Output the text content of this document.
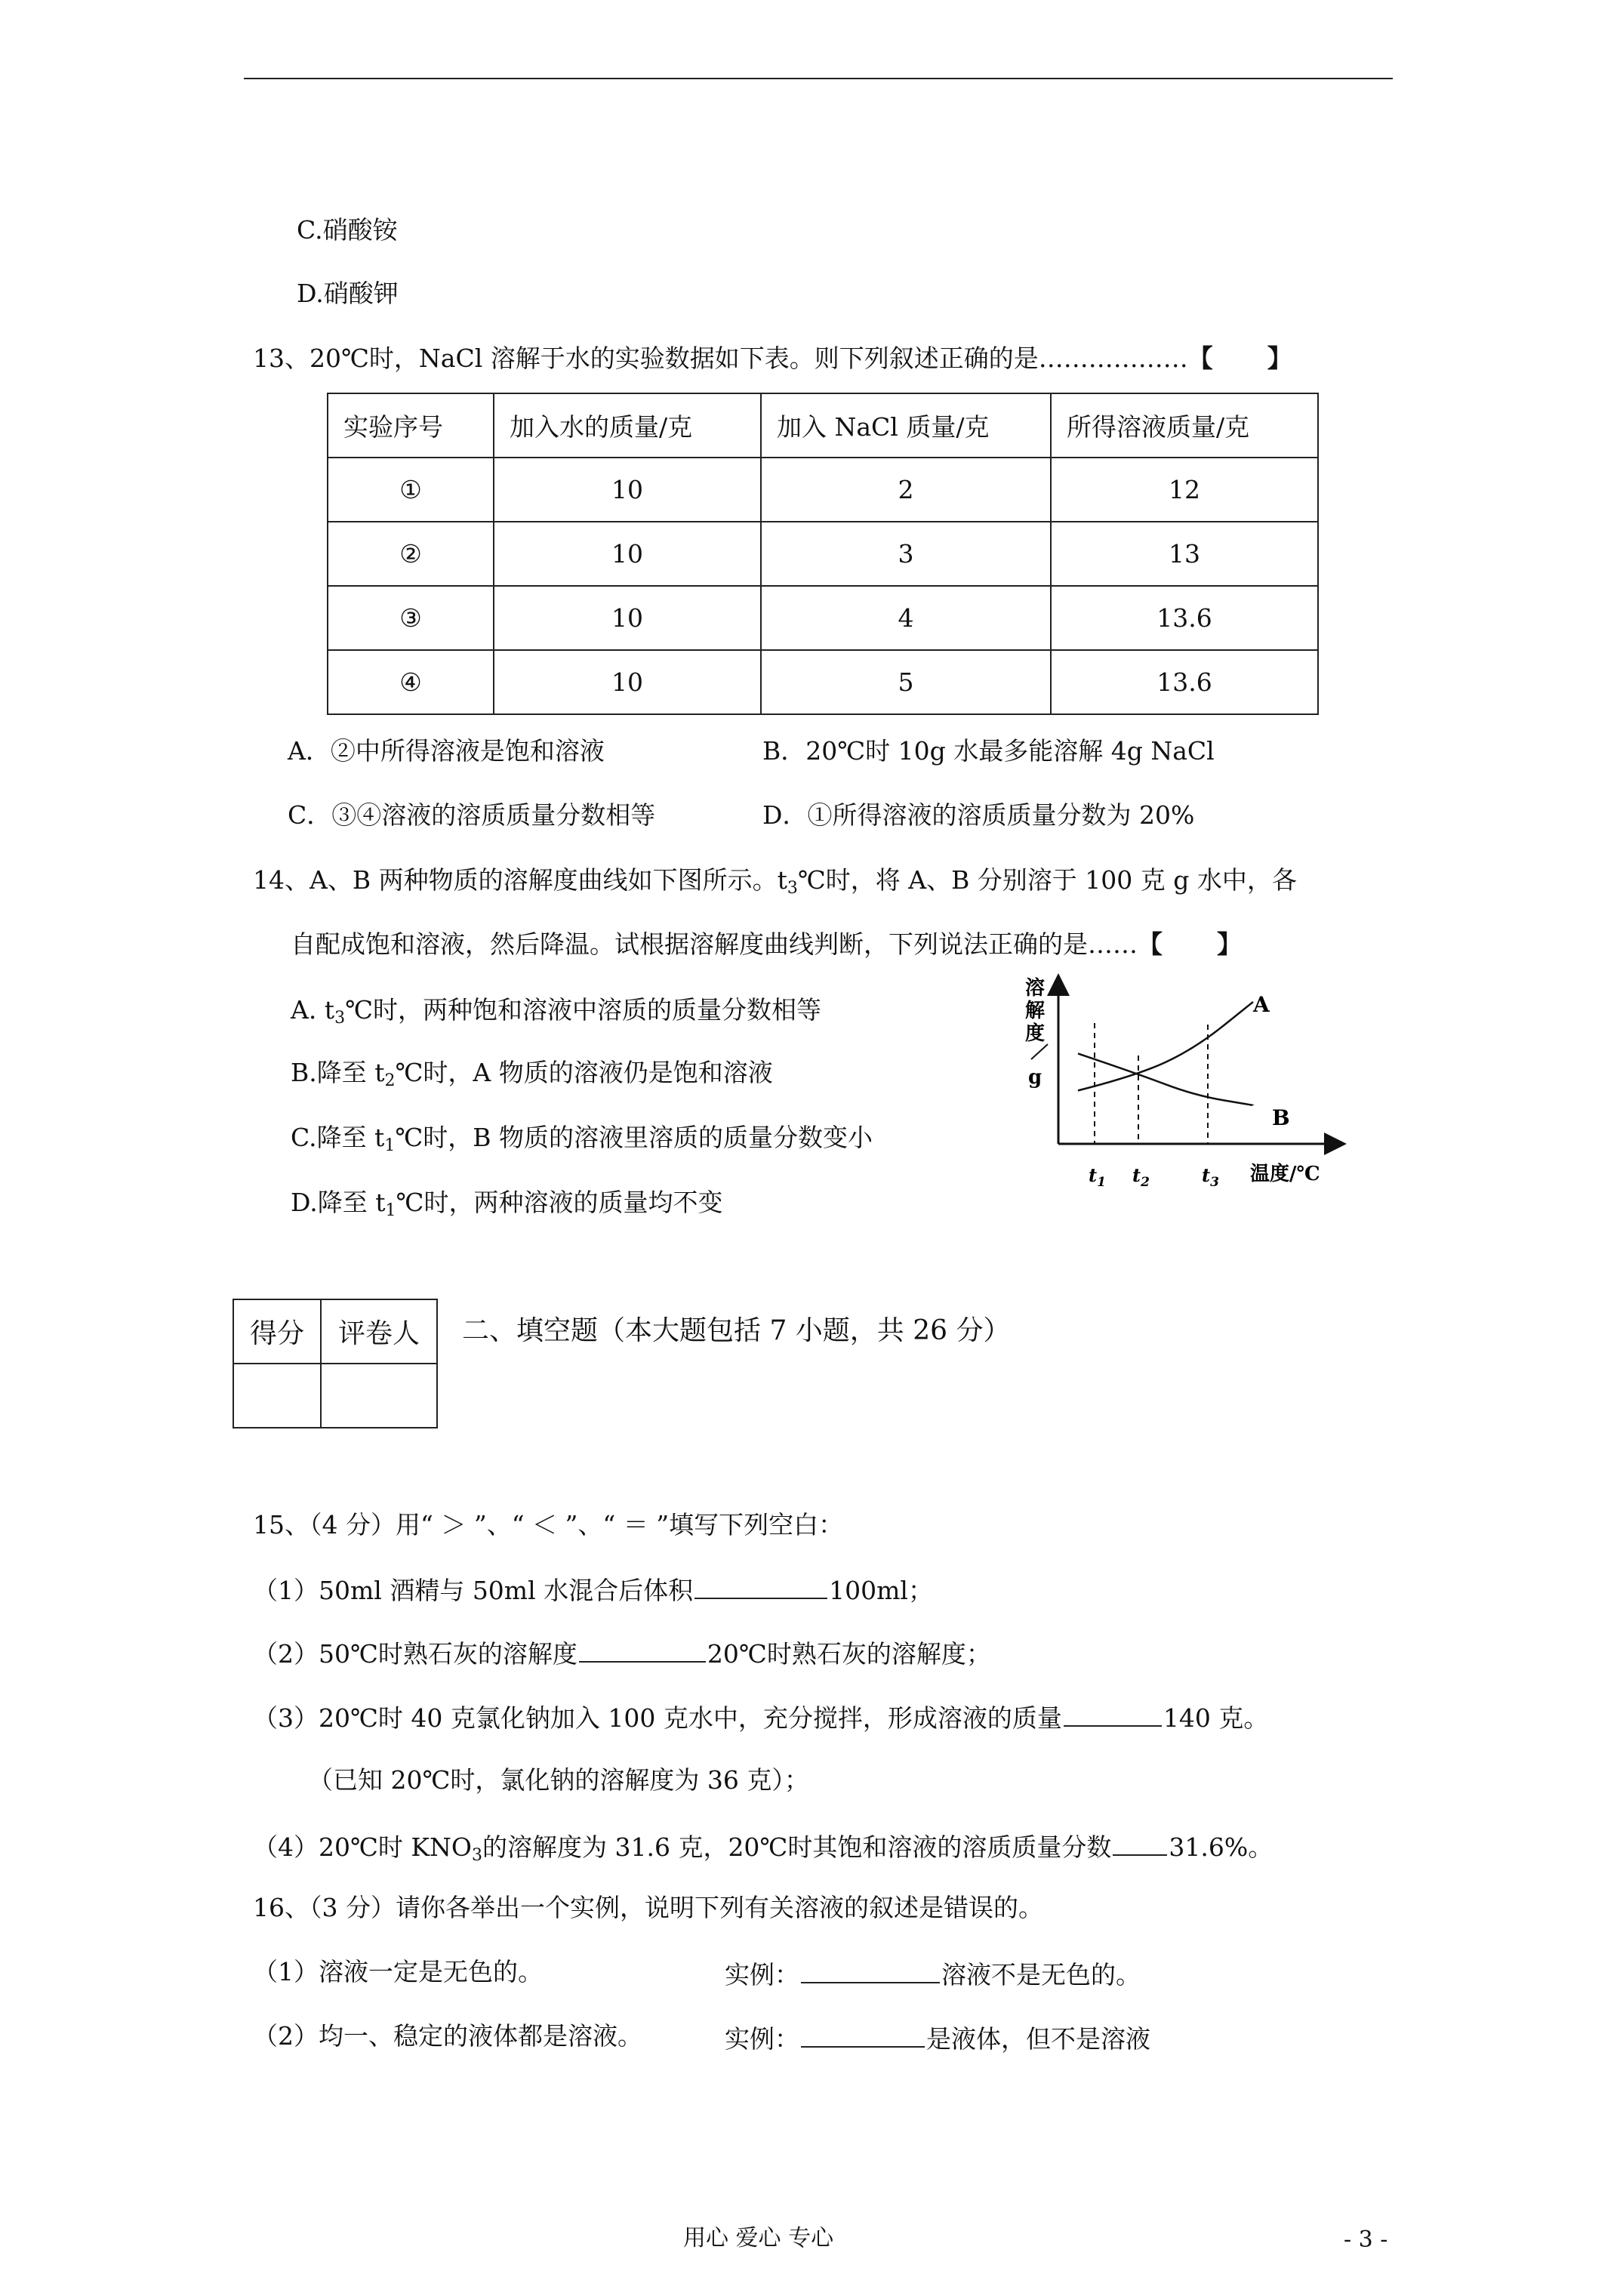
C.硝酸铵
D.硝酸钾
13、20℃时，NaCl 溶解于水的实验数据如下表。则下列叙述正确的是………………【 】
实验序号	加入水的质量/克	加入 NaCl 质量/克	所得溶液质量/克
①	10	2	12
②	10	3	13
③	10	4	13.6
④	10	5	13.6
A．②中所得溶液是饱和溶液	B．20℃时 10g 水最多能溶解 4g NaCl
C．③④溶液的溶质质量分数相等	D．①所得溶液的溶质质量分数为 20%
14、A、B 两种物质的溶解度曲线如下图所示。$t_3℃$时，将 A、B 分别溶于 100 克 g 水中，各
自配成饱和溶液，然后降温。试根据溶解度曲线判断，下列说法正确的是……【 】
A. $t_3℃$时，两种饱和溶液中溶质的质量分数相等
B.降至 $t_2℃$时，A 物质的溶液仍是饱和溶液
C.降至 $t_1℃$时，B 物质的溶液里溶质的质量分数变小
D.降至 $t_1℃$时，两种溶液的质量均不变
溶
解
度
g
A
B
$t_1$ $t_2$	$t_3$ 温度/℃
得分	评卷人
	二、填空题（本大题包括 7 小题，共 26 分）
15、（4 分）用“ ＞ ”、“ ＜ ”、“ ＝ ”填写下列空白：
（1）50ml 酒精与 50ml 水混合后体积	100ml；
（2）50℃时熟石灰的溶解度	20℃时熟石灰的溶解度；
（3）20℃时 40 克氯化钠加入 100 克水中，充分搅拌，形成溶液的质量	140 克。
（已知 20℃时，氯化钠的溶解度为 36 克）；
（4）20℃时 $KNO_3$的溶解度为 31.6 克，20℃时其饱和溶液的溶质质量分数 31.6%。
16、（3 分）请你各举出一个实例，说明下列有关溶液的叙述是错误的。
（1）溶液一定是无色的。	实例：	溶液不是无色的。
（2）均一、稳定的液体都是溶液。	实例：	是液体，但不是溶液
用心 爱心 专心	- 3 -
